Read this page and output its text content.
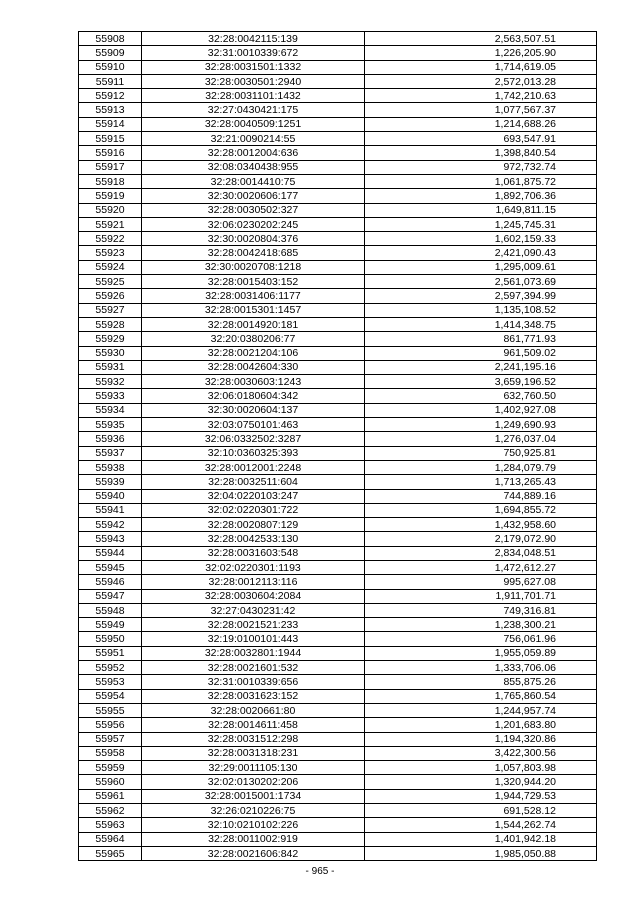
55908	32:28:0042115:139	2,563,507.51
55909	32:31:0010339:672	1,226,205.90
55910	32:28:0031501:1332	1,714,619.05
55911	32:28:0030501:2940	2,572,013.28
55912	32:28:0031101:1432	1,742,210.63
55913	32:27:0430421:175	1,077,567.37
55914	32:28:0040509:1251	1,214,688.26
55915	32:21:0090214:55	693,547.91
55916	32:28:0012004:636	1,398,840.54
55917	32:08:0340438:955	972,732.74
55918	32:28:0014410:75	1,061,875.72
55919	32:30:0020606:177	1,892,706.36
55920	32:28:0030502:327	1,649,811.15
55921	32:06:0230202:245	1,245,745.31
55922	32:30:0020804:376	1,602,159.33
55923	32:28:0042418:685	2,421,090.43
55924	32:30:0020708:1218	1,295,009.61
55925	32:28:0015403:152	2,561,073.69
55926	32:28:0031406:1177	2,597,394.99
55927	32:28:0015301:1457	1,135,108.52
55928	32:28:0014920:181	1,414,348.75
55929	32:20:0380206:77	861,771.93
55930	32:28:0021204:106	961,509.02
55931	32:28:0042604:330	2,241,195.16
55932	32:28:0030603:1243	3,659,196.52
55933	32:06:0180604:342	632,760.50
55934	32:30:0020604:137	1,402,927.08
55935	32:03:0750101:463	1,249,690.93
55936	32:06:0332502:3287	1,276,037.04
55937	32:10:0360325:393	750,925.81
55938	32:28:0012001:2248	1,284,079.79
55939	32:28:0032511:604	1,713,265.43
55940	32:04:0220103:247	744,889.16
55941	32:02:0220301:722	1,694,855.72
55942	32:28:0020807:129	1,432,958.60
55943	32:28:0042533:130	2,179,072.90
55944	32:28:0031603:548	2,834,048.51
55945	32:02:0220301:1193	1,472,612.27
55946	32:28:0012113:116	995,627.08
55947	32:28:0030604:2084	1,911,701.71
55948	32:27:0430231:42	749,316.81
55949	32:28:0021521:233	1,238,300.21
55950	32:19:0100101:443	756,061.96
55951	32:28:0032801:1944	1,955,059.89
55952	32:28:0021601:532	1,333,706.06
55953	32:31:0010339:656	855,875.26
55954	32:28:0031623:152	1,765,860.54
55955	32:28:0020661:80	1,244,957.74
55956	32:28:0014611:458	1,201,683.80
55957	32:28:0031512:298	1,194,320.86
55958	32:28:0031318:231	3,422,300.56
55959	32:29:0011105:130	1,057,803.98
55960	32:02:0130202:206	1,320,944.20
55961	32:28:0015001:1734	1,944,729.53
55962	32:26:0210226:75	691,528.12
55963	32:10:0210102:226	1,544,262.74
55964	32:28:0011002:919	1,401,942.18
55965	32:28:0021606:842	1,985,050.88
- 965 -
